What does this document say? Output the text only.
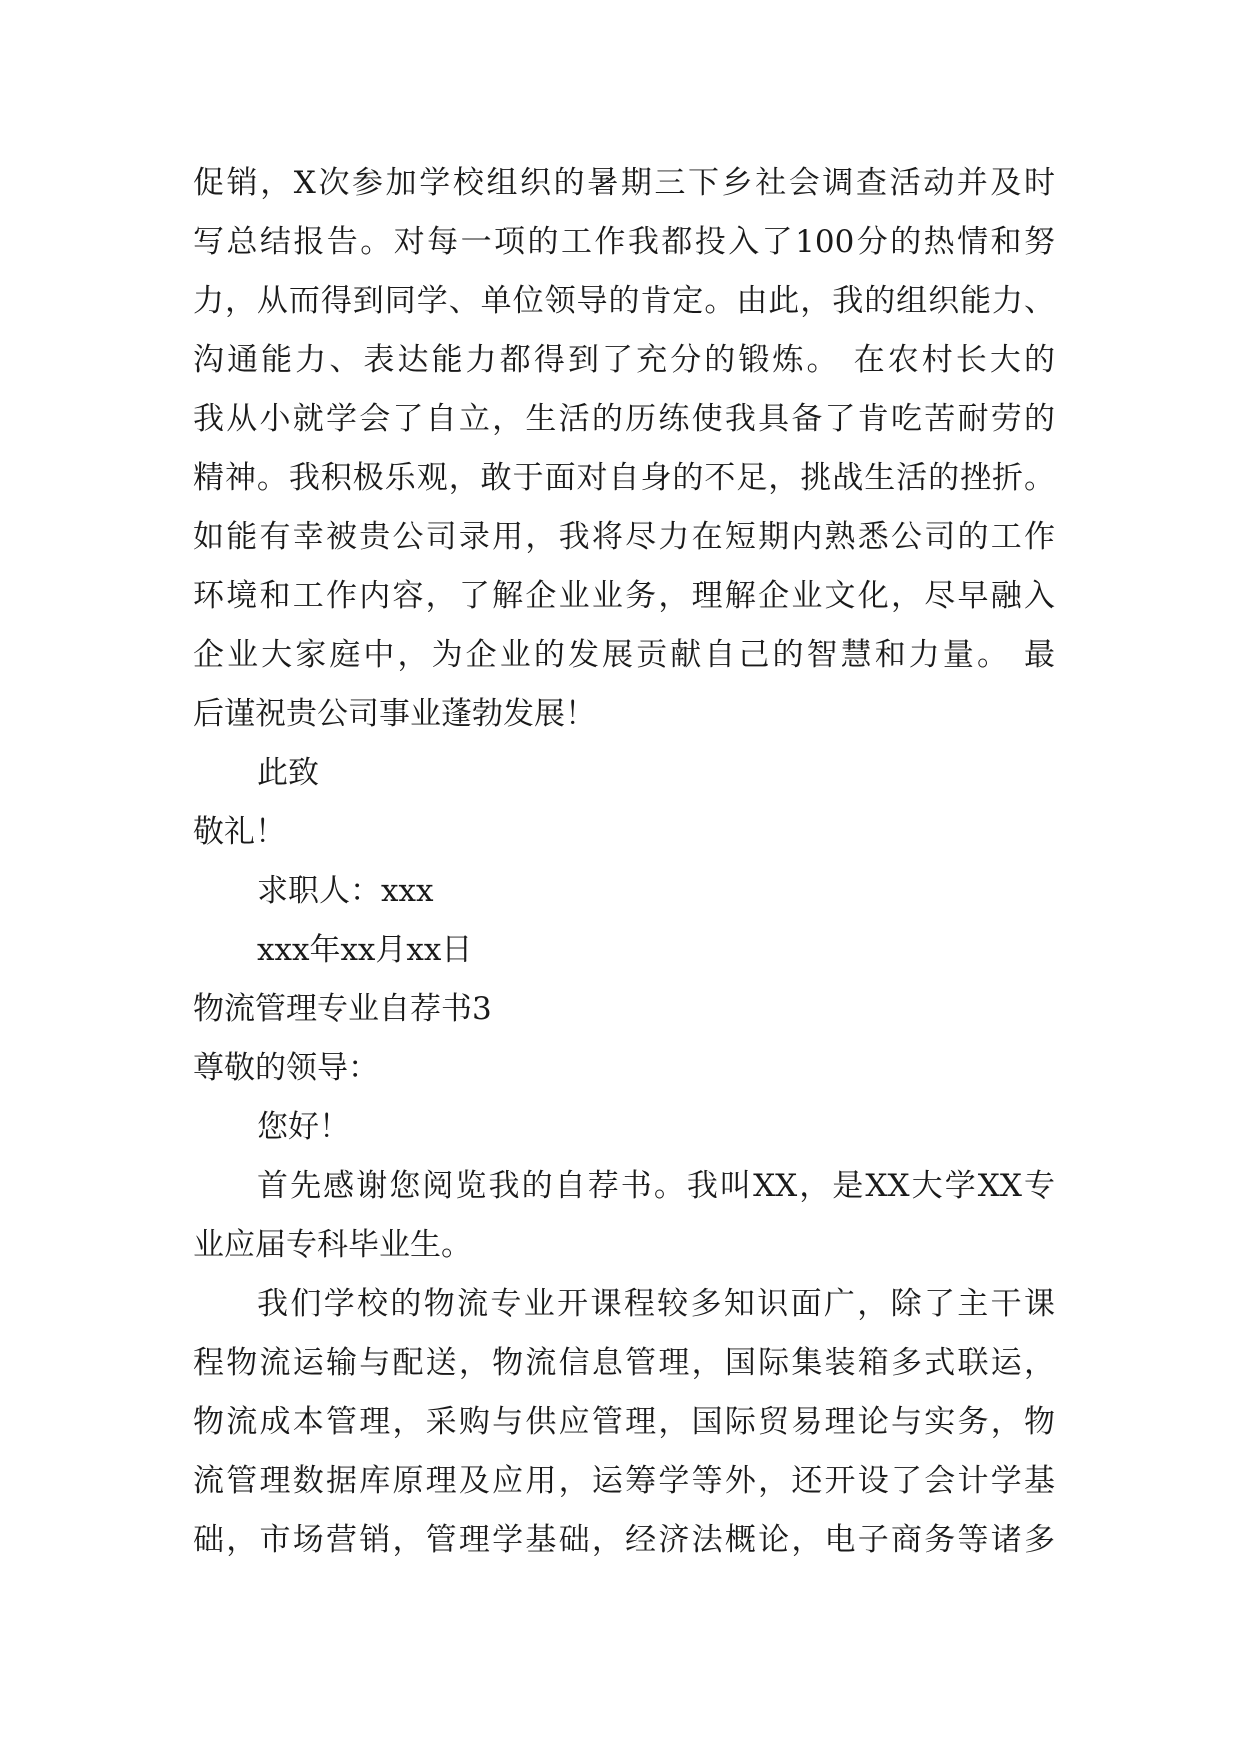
促销，X次参加学校组织的暑期三下乡社会调查活动并及时
写总结报告。对每一项的工作我都投入了100分的热情和努
力，从而得到同学、单位领导的肯定。由此，我的组织能力、
沟通能力、表达能力都得到了充分的锻炼。 在农村长大的
我从小就学会了自立，生活的历练使我具备了肯吃苦耐劳的
精神。我积极乐观，敢于面对自身的不足，挑战生活的挫折。
如能有幸被贵公司录用，我将尽力在短期内熟悉公司的工作
环境和工作内容，了解企业业务，理解企业文化，尽早融入
企业大家庭中，为企业的发展贡献自己的智慧和力量。 最
后谨祝贵公司事业蓬勃发展！
此致
敬礼！
求职人：xxx
xxx年xx月xx日
物流管理专业自荐书3
尊敬的领导：
您好！
首先感谢您阅览我的自荐书。我叫XX，是XX大学XX专
业应届专科毕业生。
我们学校的物流专业开课程较多知识面广，除了主干课
程物流运输与配送，物流信息管理，国际集装箱多式联运，
物流成本管理，采购与供应管理，国际贸易理论与实务，物
流管理数据库原理及应用，运筹学等外，还开设了会计学基
础，市场营销，管理学基础，经济法概论，电子商务等诸多
